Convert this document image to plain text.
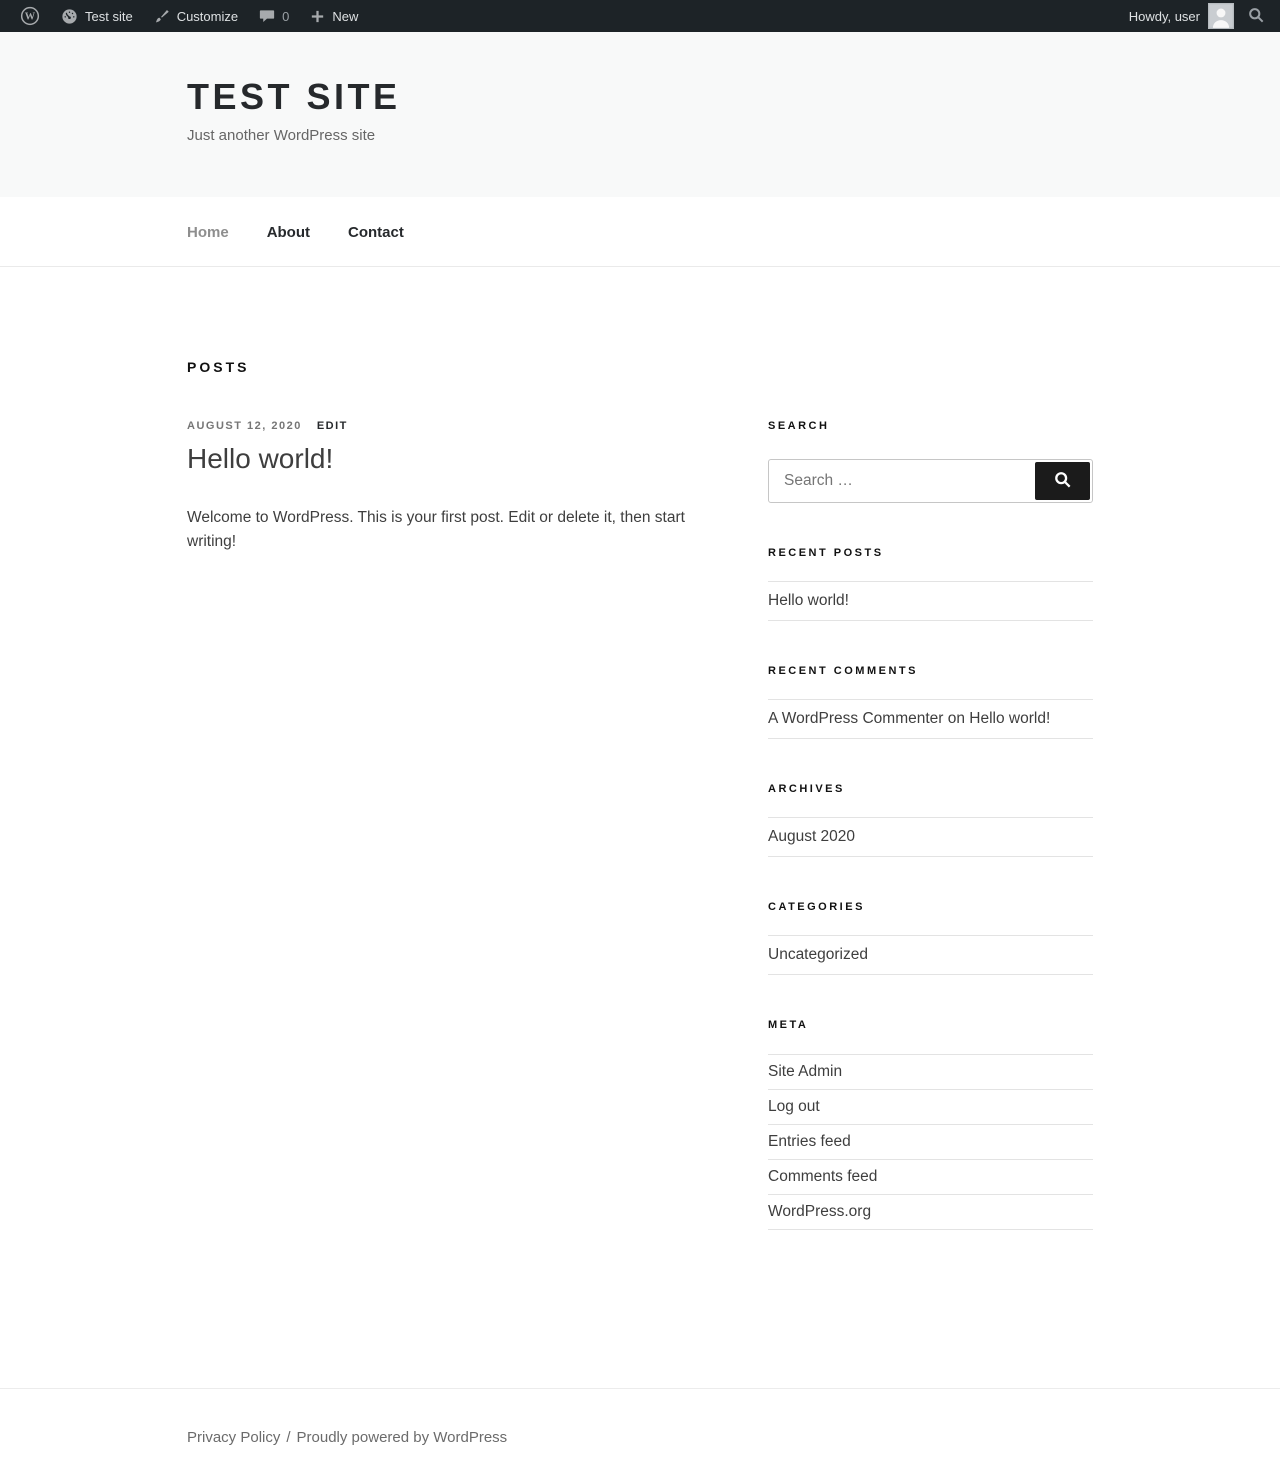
W	Test site	Customize	0	New	Howdy, user
TEST SITE
Just another WordPress site
Home	About	Contact
POSTS
AUGUST 12, 2020 EDIT
Hello world!

Welcome to WordPress. This is your first post. Edit or delete it, then start writing!

SEARCH
Search …
RECENT POSTS
Hello world!
RECENT COMMENTS
A WordPress Commenter on Hello world!
ARCHIVES
August 2020
CATEGORIES
Uncategorized
META
Site Admin
Log out
Entries feed
Comments feed
WordPress.org
Privacy Policy / Proudly powered by WordPress
